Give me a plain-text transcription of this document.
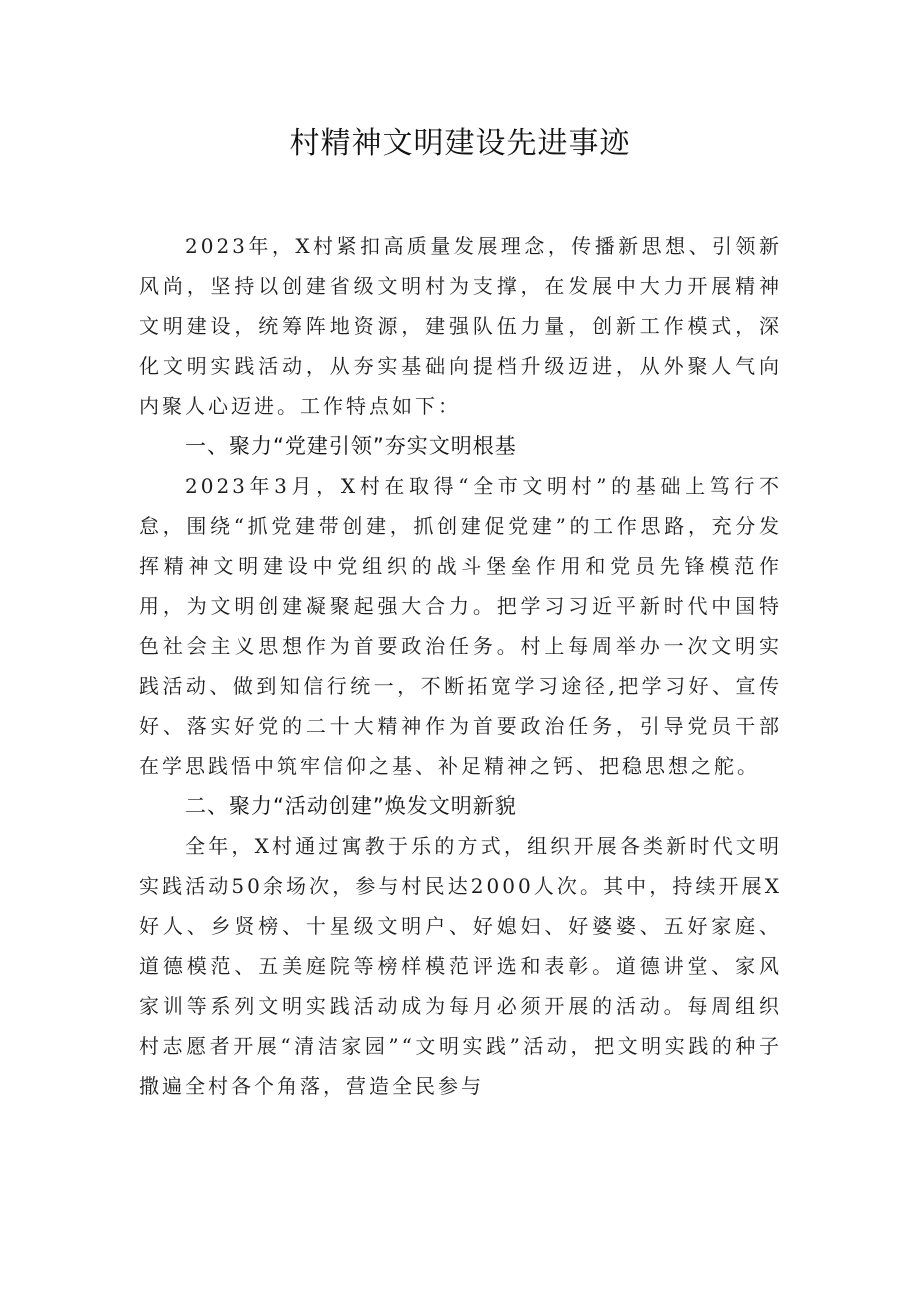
村精神文明建设先进事迹

2023年，X村紧扣高质量发展理念，传播新思想、引领新风尚，坚持以创建省级文明村为支撑，在发展中大力开展精神文明建设，统筹阵地资源，建强队伍力量，创新工作模式，深化文明实践活动，从夯实基础向提档升级迈进，从外聚人气向内聚人心迈进。工作特点如下：

一、聚力“党建引领”夯实文明根基

2023年3月，X村在取得“全市文明村”的基础上笃行不怠，围绕“抓党建带创建，抓创建促党建”的工作思路，充分发挥精神文明建设中党组织的战斗堡垒作用和党员先锋模范作用，为文明创建凝聚起强大合力。把学习习近平新时代中国特色社会主义思想作为首要政治任务。村上每周举办一次文明实践活动、做到知信行统一，不断拓宽学习途径,把学习好、宣传好、落实好党的二十大精神作为首要政治任务，引导党员干部在学思践悟中筑牢信仰之基、补足精神之钙、把稳思想之舵。

二、聚力“活动创建”焕发文明新貌

全年，X村通过寓教于乐的方式，组织开展各类新时代文明实践活动50余场次，参与村民达2000人次。其中，持续开展X好人、乡贤榜、十星级文明户、好媳妇、好婆婆、五好家庭、道德模范、五美庭院等榜样模范评选和表彰。道德讲堂、家风家训等系列文明实践活动成为每月必须开展的活动。每周组织村志愿者开展“清洁家园”“文明实践”活动，把文明实践的种子撒遍全村各个角落，营造全民参与
